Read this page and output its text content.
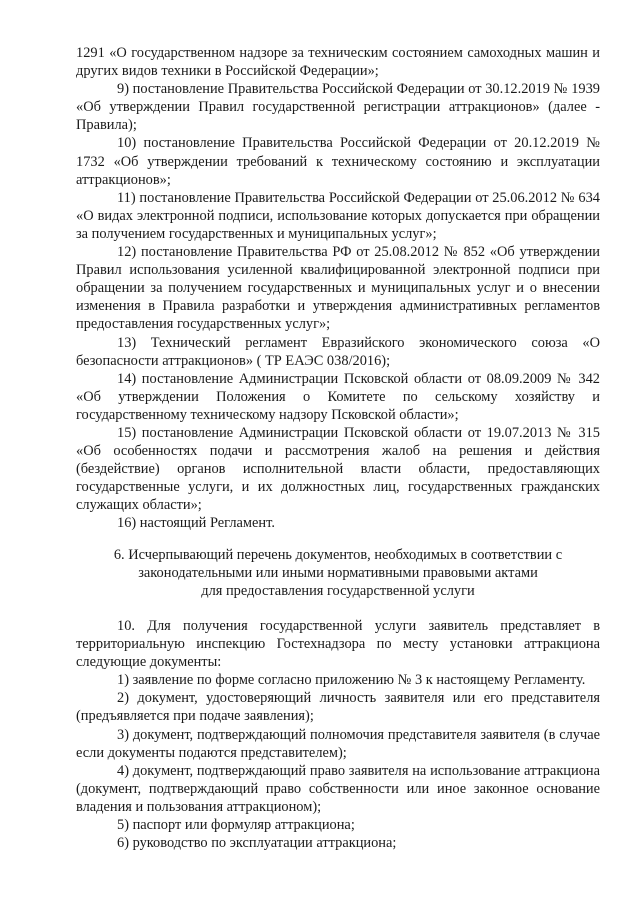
1291 «О государственном надзоре за техническим состоянием самоходных машин и других видов техники в Российской Федерации»;

9) постановление Правительства Российской Федерации от 30.12.2019 № 1939 «Об утверждении Правил государственной регистрации аттракционов» (далее - Правила);

10) постановление Правительства Российской Федерации от 20.12.2019 № 1732 «Об утверждении требований к техническому состоянию и эксплуатации аттракционов»;

11) постановление Правительства Российской Федерации от 25.06.2012 № 634 «О видах электронной подписи, использование которых допускается при обращении за получением государственных и муниципальных услуг»;

12) постановление Правительства РФ от 25.08.2012 № 852 «Об утверждении Правил использования усиленной квалифицированной электронной подписи при обращении за получением государственных и муниципальных услуг и о внесении изменения в Правила разработки и утверждения административных регламентов предоставления государственных услуг»;

13) Технический регламент Евразийского экономического союза «О безопасности аттракционов» ( ТР ЕАЭС 038/2016);

14) постановление Администрации Псковской области от 08.09.2009 № 342 «Об утверждении Положения о Комитете по сельскому хозяйству и государственному техническому надзору Псковской области»;

15) постановление Администрации Псковской области от 19.07.2013 № 315 «Об особенностях подачи и рассмотрения жалоб на решения и действия (бездействие) органов исполнительной власти области, предоставляющих государственные услуги, и их должностных лиц, государственных гражданских служащих области»;

16) настоящий Регламент.

6. Исчерпывающий перечень документов, необходимых в соответствии с
законодательными или иными нормативными правовыми актами
для предоставления государственной услуги

10. Для получения государственной услуги заявитель представляет в территориальную инспекцию Гостехнадзора по месту установки аттракциона следующие документы:

1) заявление по форме согласно приложению № 3 к настоящему Регламенту.

2) документ, удостоверяющий личность заявителя или его представителя (предъявляется при подаче заявления);

3) документ, подтверждающий полномочия представителя заявителя (в случае если документы подаются представителем);

4) документ, подтверждающий право заявителя на использование аттракциона (документ, подтверждающий право собственности или иное законное основание владения и пользования аттракционом);

5) паспорт или формуляр аттракциона;

6) руководство по эксплуатации аттракциона;
